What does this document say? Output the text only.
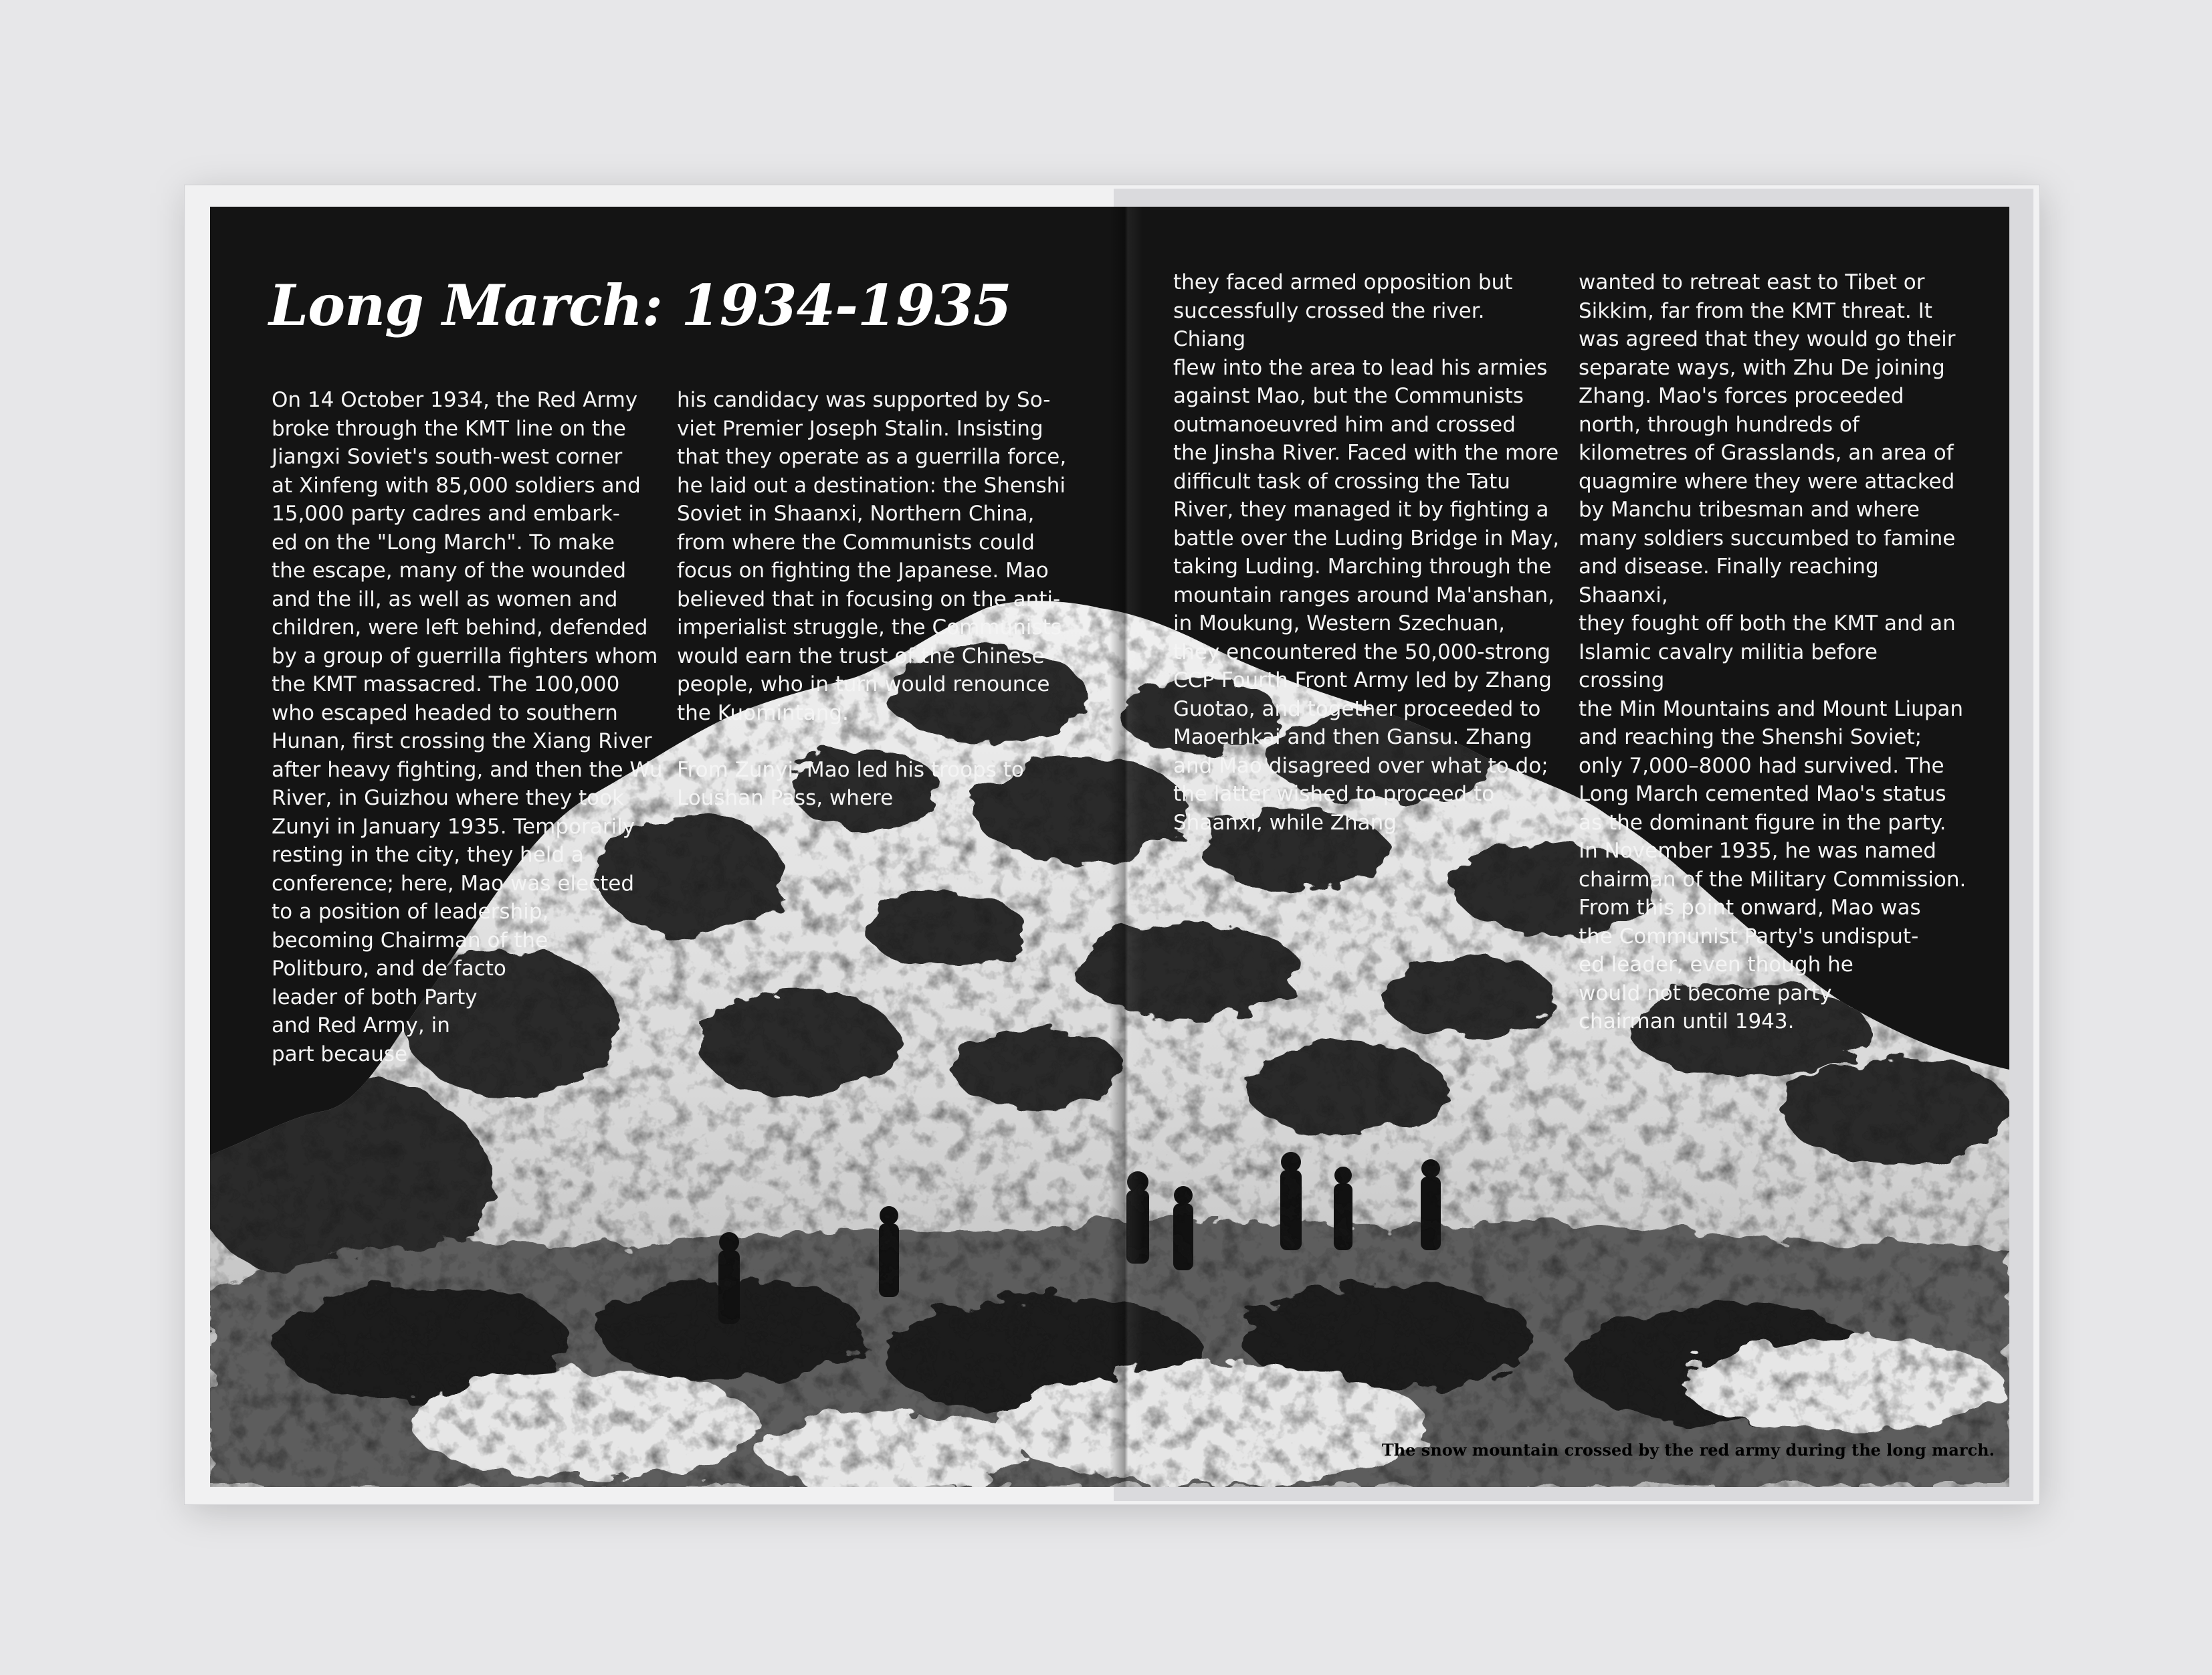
Long March: 1934-1935

On 14 October 1934, the Red Army
broke through the KMT line on the
Jiangxi Soviet's south-west corner
at Xinfeng with 85,000 soldiers and
15,000 party cadres and embark-
ed on the "Long March". To make
the escape, many of the wounded
and the ill, as well as women and
children, were left behind, defended
by a group of guerrilla fighters whom
the KMT massacred. The 100,000
who escaped headed to southern
Hunan, first crossing the Xiang River
after heavy fighting, and then the Wu
River, in Guizhou where they took
Zunyi in January 1935. Temporarily
resting in the city, they held a
conference; here, Mao was elected
to a position of leadership,
becoming Chairman of the
Politburo, and de facto
leader of both Party
and Red Army, in
part because

his candidacy was supported by So-
viet Premier Joseph Stalin. Insisting
that they operate as a guerrilla force,
he laid out a destination: the Shenshi
Soviet in Shaanxi, Northern China,
from where the Communists could
focus on fighting the Japanese. Mao
believed that in focusing on the anti-
imperialist struggle, the Communists
would earn the trust of the Chinese
people, who in turn would renounce
the Kuomintang.

From Zunyi, Mao led his troops to
Loushan Pass, where

they faced armed opposition but
successfully crossed the river. Chiang
flew into the area to lead his armies
against Mao, but the Communists
outmanoeuvred him and crossed
the Jinsha River. Faced with the more
difficult task of crossing the Tatu
River, they managed it by fighting a
battle over the Luding Bridge in May,
taking Luding. Marching through the
mountain ranges around Ma'anshan,
in Moukung, Western Szechuan,
they encountered the 50,000-strong
CCP Fourth Front Army led by Zhang
Guotao, and together proceeded to
Maoerhkai and then Gansu. Zhang
and Mao disagreed over what to do;
the latter wished to proceed to
Shaanxi, while Zhang

wanted to retreat east to Tibet or
Sikkim, far from the KMT threat. It
was agreed that they would go their
separate ways, with Zhu De joining
Zhang. Mao's forces proceeded
north, through hundreds of
kilometres of Grasslands, an area of
quagmire where they were attacked
by Manchu tribesman and where
many soldiers succumbed to famine
and disease. Finally reaching Shaanxi,
they fought off both the KMT and an
Islamic cavalry militia before crossing
the Min Mountains and Mount Liupan
and reaching the Shenshi Soviet;
only 7,000–8000 had survived. The
Long March cemented Mao's status
as the dominant figure in the party.
In November 1935, he was named
chairman of the Military Commission.
From this point onward, Mao was
the Communist Party's undisput-
ed leader, even though he
would not become party
chairman until 1943.

The snow mountain crossed by the red army during the long march.
